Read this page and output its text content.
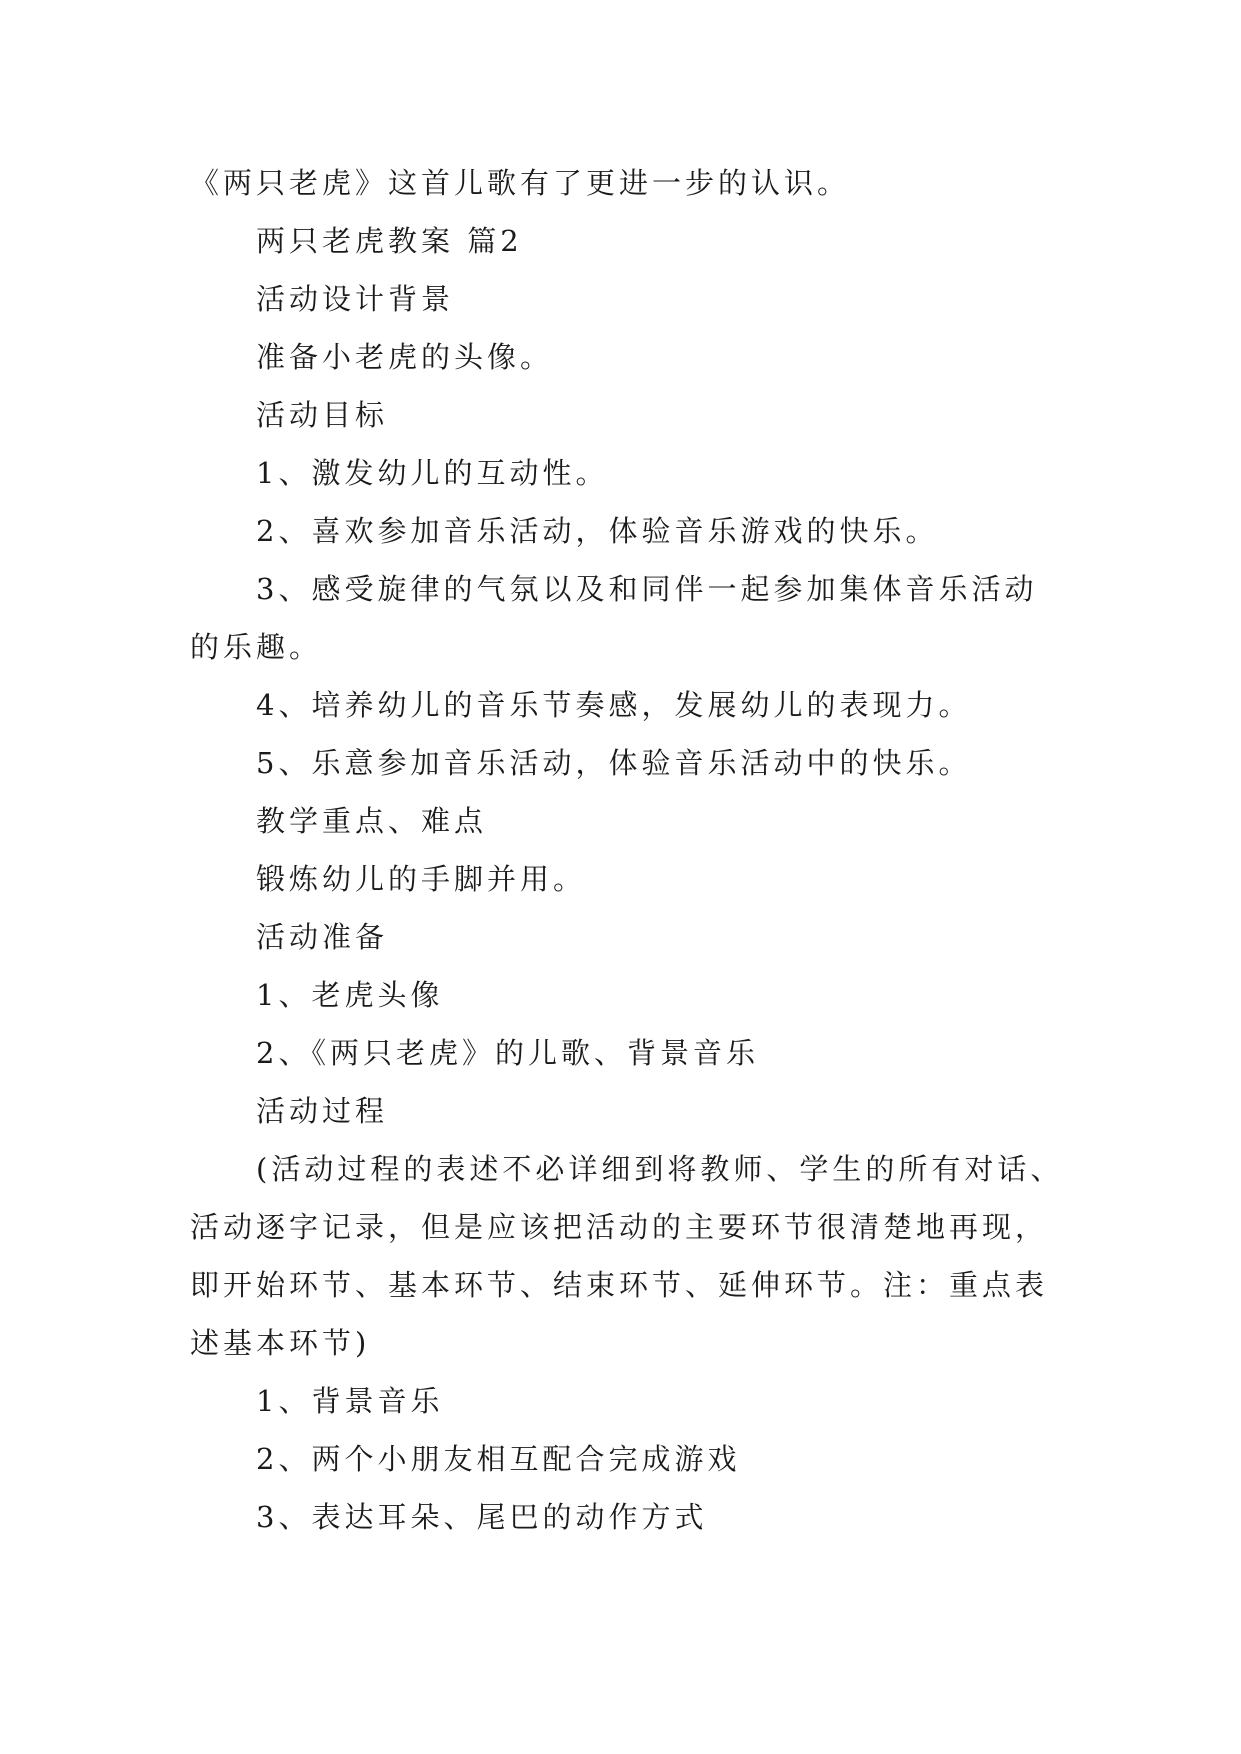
《两只老虎》这首儿歌有了更进一步的认识。
两只老虎教案 篇2
活动设计背景
准备小老虎的头像。
活动目标
1、激发幼儿的互动性。
2、喜欢参加音乐活动，体验音乐游戏的快乐。
3、感受旋律的气氛以及和同伴一起参加集体音乐活动
的乐趣。
4、培养幼儿的音乐节奏感，发展幼儿的表现力。
5、乐意参加音乐活动，体验音乐活动中的快乐。
教学重点、难点
锻炼幼儿的手脚并用。
活动准备
1、老虎头像
2、《两只老虎》的儿歌、背景音乐
活动过程
(活动过程的表述不必详细到将教师、学生的所有对话、
活动逐字记录，但是应该把活动的主要环节很清楚地再现，
即开始环节、基本环节、结束环节、延伸环节。注：重点表
述基本环节)
1、背景音乐
2、两个小朋友相互配合完成游戏
3、表达耳朵、尾巴的动作方式
